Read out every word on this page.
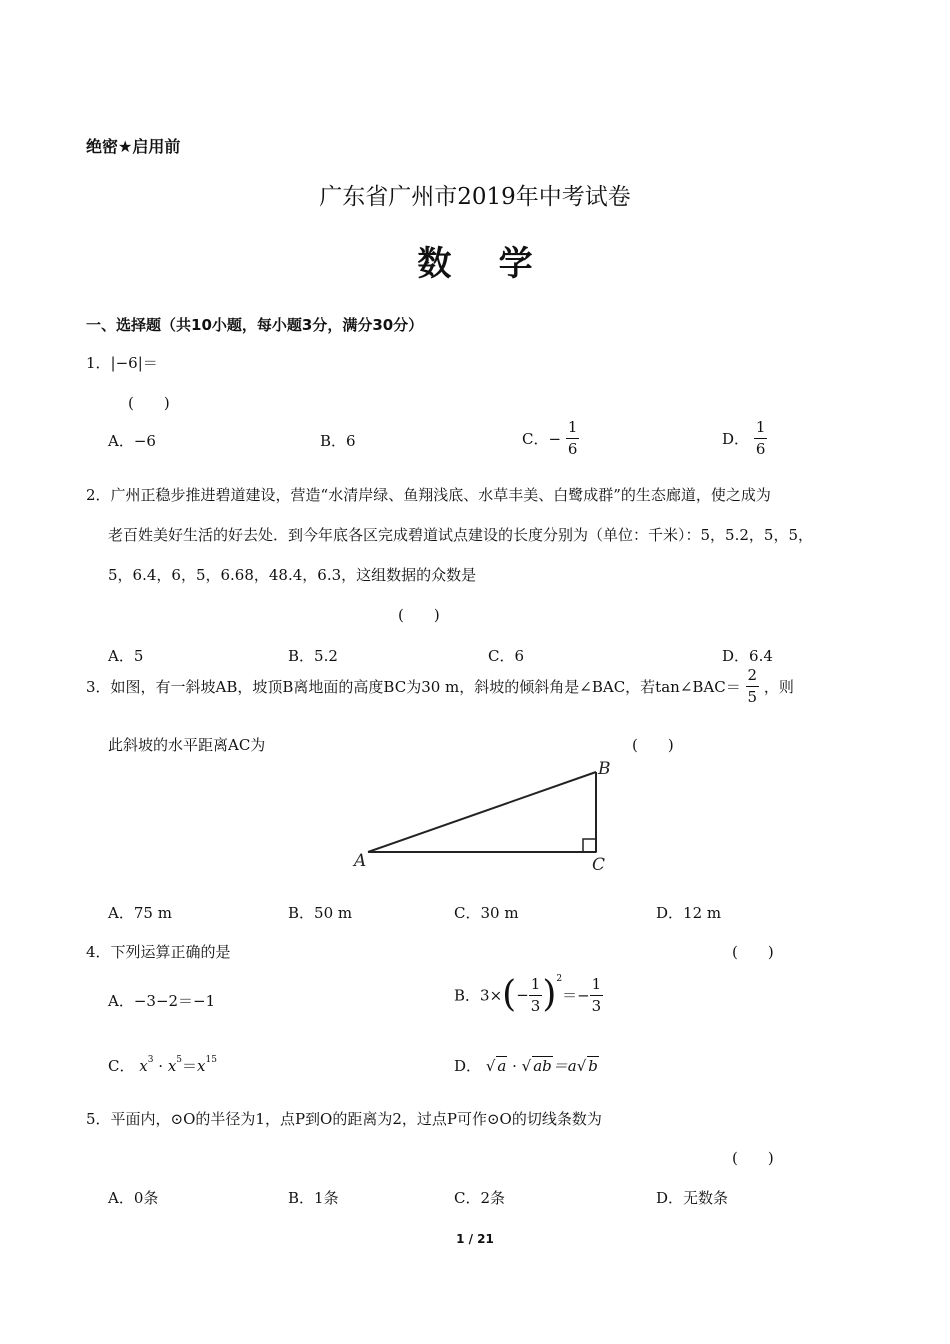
绝密★启用前
广东省广州市2019年中考试卷
数    学
一、选择题（共10小题，每小题3分，满分30分）
1．|−6|＝
(　　)
A．−6	B．6	C．− $\frac{1}{6}$	D． $\frac{1}{6}$
2．广州正稳步推进碧道建设，营造“水清岸绿、鱼翔浅底、水草丰美、白鹭成群”的生态廊道，使之成为
老百姓美好生活的好去处．到今年底各区完成碧道试点建设的长度分别为（单位：千米）：5，5.2，5，5，
5，6.4，6，5，6.68，48.4，6.3，这组数据的众数是
(　　)
A．5	B．5.2	C．6	D．6.4
3．如图，有一斜坡AB，坡顶B离地面的高度BC为30 m，斜坡的倾斜角是∠BAC，若tan∠BAC＝ $\frac{2}{5}$ ，则
此斜坡的水平距离AC为	(　　)
A
B
C
A．75 m	B．50 m	C．30 m	D．12 m
4．下列运算正确的是	(　　)
A．−3−2＝−1	B．$3\times(- \frac{1}{3} )^2=- \frac{1}{3}$
C． $x^3 \cdot x^5=x^{15}$	D． √ a · √ ab＝a√ b
5．平面内，⊙O的半径为1，点P到O的距离为2，过点P可作⊙O的切线条数为
(　　)
A．0条	B．1条	C．2条	D．无数条
1 / 21
